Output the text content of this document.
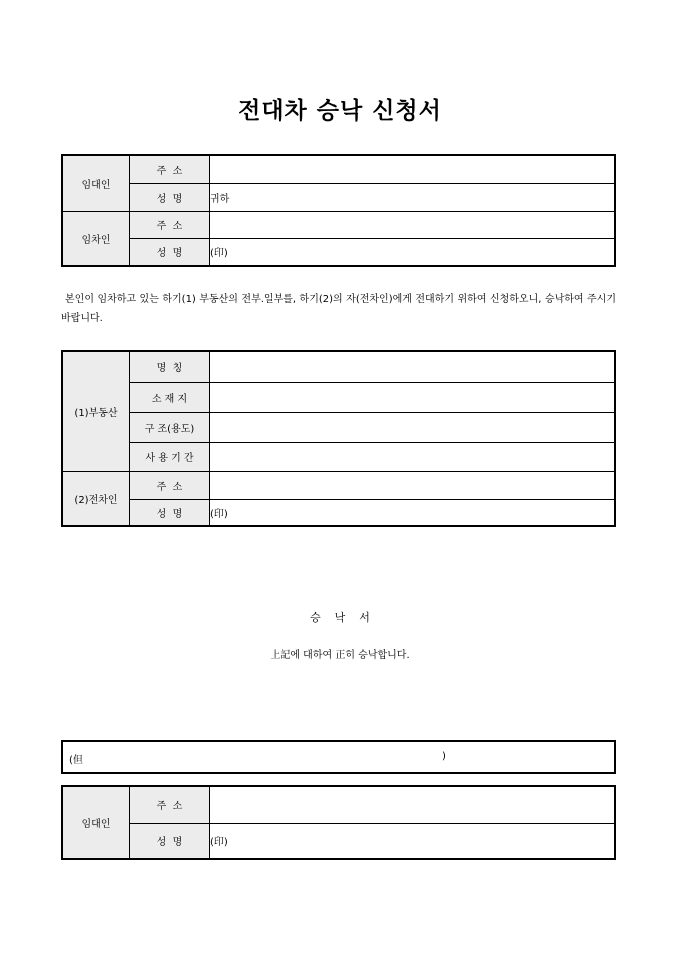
전대차 승낙 신청서
임대인	주  소	
	성  명	귀하
임차인	주  소	
	성  명	(印)
본인이 임차하고 있는 하기(1) 부동산의 전부.일부를, 하기(2)의 자(전차인)에게 전대하기 위하여 신청하오니, 승낙하여 주시기 바랍니다.
(1)부동산	명  칭	
	소 재 지	
	구 조(용도)	
	사 용 기 간	
(2)전차인	주  소	
	성  명	(印)
승    낙    서
上記에 대하여 正히 승낙합니다.
(但	)
임대인	주  소	
	성  명	(印)
